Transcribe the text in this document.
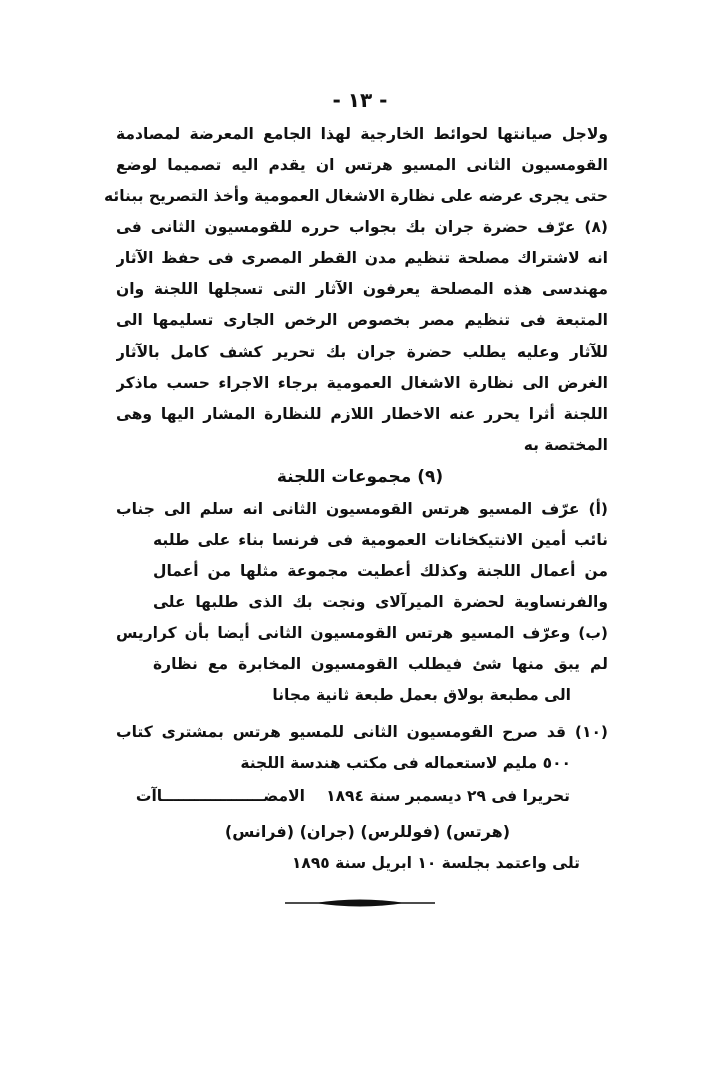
- ١٣ -
ولاجل صيانتها لحوائط الخارجية لهذا الجامع المعرضة لمصادمة
القومسيون الثانى المسيو هرتس ان يقدم اليه تصميما لوضع
حتى يجرى عرضه على نظارة الاشغال العمومية وأخذ التصريح ببنائه
(٨) عرّف حضرة جران بك بجواب حرره للقومسيون الثانى فى
انه لاشتراك مصلحة تنظيم مدن القطر المصرى فى حفظ الآثار
مهندسى هذه المصلحة يعرفون الآثار التى تسجلها اللجنة وان
المتبعة فى تنظيم مصر بخصوص الرخص الجارى تسليمها الى
للآثار وعليه يطلب حضرة جران بك تحرير كشف كامل بالآثار
الغرض الى نظارة الاشغال العمومية برجاء الاجراء حسب ماذكر
اللجنة أثرا يحرر عنه الاخطار اللازم للنظارة المشار اليها وهى
المختصة به
(٩) مجموعات اللجنة
(أ) عرّف المسيو هرتس القومسيون الثانى انه سلم الى جناب
نائب أمين الانتيكخانات العمومية فى فرنسا بناء على طلبه
من أعمال اللجنة وكذلك أعطيت مجموعة مثلها من أعمال
والفرنساوية لحضرة الميرآلاى ونجت بك الذى طلبها على
(ب) وعرّف المسيو هرتس القومسيون الثانى أيضا بأن كراريس
لم يبق منها شئ فيطلب القومسيون المخابرة مع نظارة
الى مطبعة بولاق بعمل طبعة ثانية مجانا
(١٠) قد صرح القومسيون الثانى للمسيو هرتس بمشترى كتاب
٥٠٠ مليم لاستعماله فى مكتب هندسة اللجنة
تحريرا فى ٢٩ ديسمبر سنة ١٨٩٤
الامضـــــــــــــــــــاآت
(هرتس) (فوللرس) (جران) (فرانس)
تلى واعتمد بجلسة ١٠ ابريل سنة ١٨٩٥
